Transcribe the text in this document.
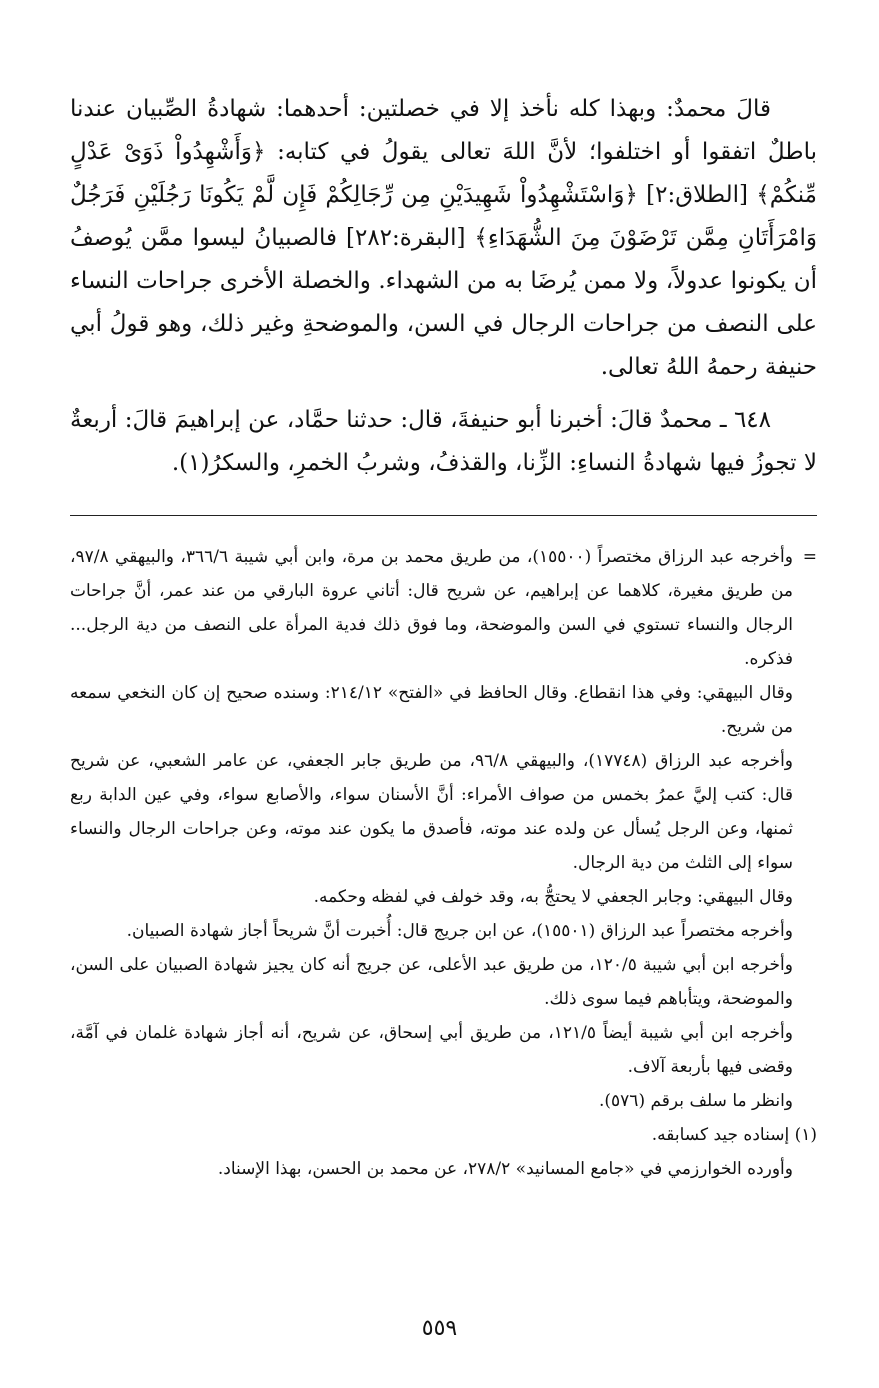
قالَ محمدٌ: وبهذا كله نأخذ إلا في خصلتين: أحدهما: شهادةُ الصِّبيان عندنا باطلٌ اتفقوا أو اختلفوا؛ لأنَّ اللهَ تعالى يقولُ في كتابه: ﴿وَأَشْهِدُواْ ذَوَىْ عَدْلٍ مِّنكُمْ﴾ [الطلاق:٢] ﴿وَاسْتَشْهِدُواْ شَهِيدَيْنِ مِن رِّجَالِكُمْ فَإِن لَّمْ يَكُونَا رَجُلَيْنِ فَرَجُلٌ وَامْرَأَتَانِ مِمَّن تَرْضَوْنَ مِنَ الشُّهَدَاءِ﴾ [البقرة:٢٨٢] فالصبيانُ ليسوا ممَّن يُوصفُ أن يكونوا عدولاً، ولا ممن يُرضَا به من الشهداء. والخصلة الأخرى جراحات النساء على النصف من جراحات الرجال في السن، والموضحةِ وغير ذلك، وهو قولُ أبي حنيفة رحمهُ اللهُ تعالى.

٦٤٨ ـ محمدٌ قالَ: أخبرنا أبو حنيفةَ، قال: حدثنا حمَّاد، عن إبراهيمَ قالَ: أربعةٌ لا تجوزُ فيها شهادةُ النساءِ: الزِّنا، والقذفُ، وشربُ الخمرِ، والسكرُ(١).

=
وأخرجه عبد الرزاق مختصراً (١٥٥٠٠)، من طريق محمد بن مرة، وابن أبي شيبة ٣٦٦/٦، والبيهقي ٩٧/٨، من طريق مغيرة، كلاهما عن إبراهيم، عن شريح قال: أتاني عروة البارقي من عند عمر، أنَّ جراحات الرجال والنساء تستوي في السن والموضحة، وما فوق ذلك فدية المرأة على النصف من دية الرجل... فذكره.

وقال البيهقي: وفي هذا انقطاع. وقال الحافظ في «الفتح» ٢١٤/١٢: وسنده صحيح إن كان النخعي سمعه من شريح.

وأخرجه عبد الرزاق (١٧٧٤٨)، والبيهقي ٩٦/٨، من طريق جابر الجعفي، عن عامر الشعبي، عن شريح قال: كتب إليَّ عمرُ بخمس من صواف الأمراء: أنَّ الأسنان سواء، والأصابع سواء، وفي عين الدابة ربع ثمنها، وعن الرجل يُسأل عن ولده عند موته، فأصدق ما يكون عند موته، وعن جراحات الرجال والنساء سواء إلى الثلث من دية الرجال.

وقال البيهقي: وجابر الجعفي لا يحتجُّ به، وقد خولف في لفظه وحكمه.

وأخرجه مختصراً عبد الرزاق (١٥٥٠١)، عن ابن جريج قال: أُخبرت أنَّ شريحاً أجاز شهادة الصبيان.

وأخرجه ابن أبي شيبة ١٢٠/٥، من طريق عبد الأعلى، عن جريج أنه كان يجيز شهادة الصبيان على السن، والموضحة، ويتأباهم فيما سوى ذلك.

وأخرجه ابن أبي شيبة أيضاً ١٢١/٥، من طريق أبي إسحاق، عن شريح، أنه أجاز شهادة غلمان في آمَّة، وقضى فيها بأربعة آلاف.

وانظر ما سلف برقم (٥٧٦).

(١) إسناده جيد كسابقه.

وأورده الخوارزمي في «جامع المسانيد» ٢٧٨/٢، عن محمد بن الحسن، بهذا الإسناد.

٥٥٩
